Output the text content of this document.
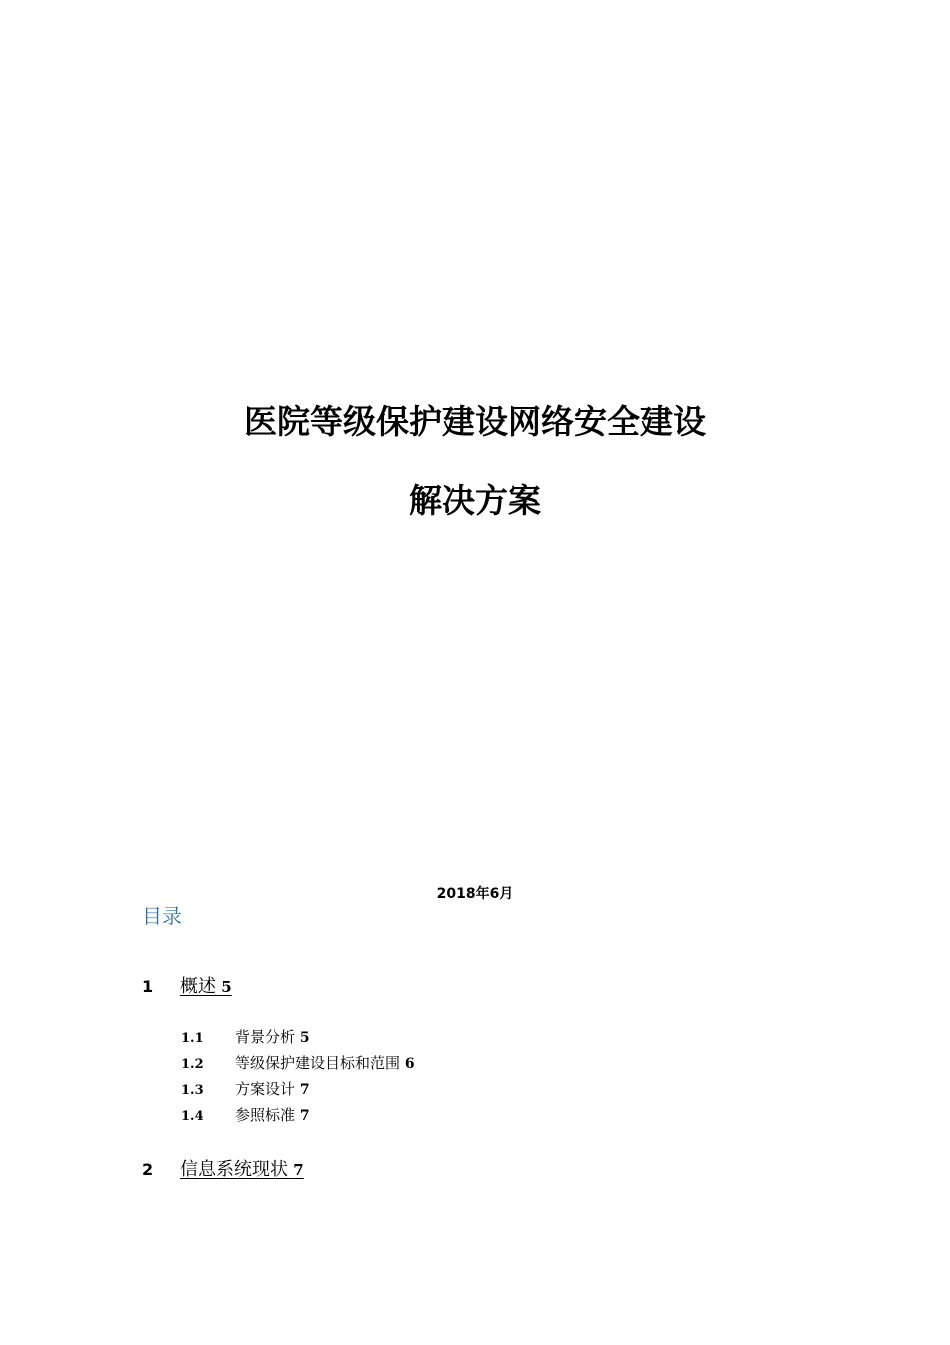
医院等级保护建设网络安全建设
解决方案
2018年6月
目录
1 概述 5
1.1 背景分析 5
1.2 等级保护建设目标和范围 6
1.3 方案设计 7
1.4 参照标准 7
2 信息系统现状 7
